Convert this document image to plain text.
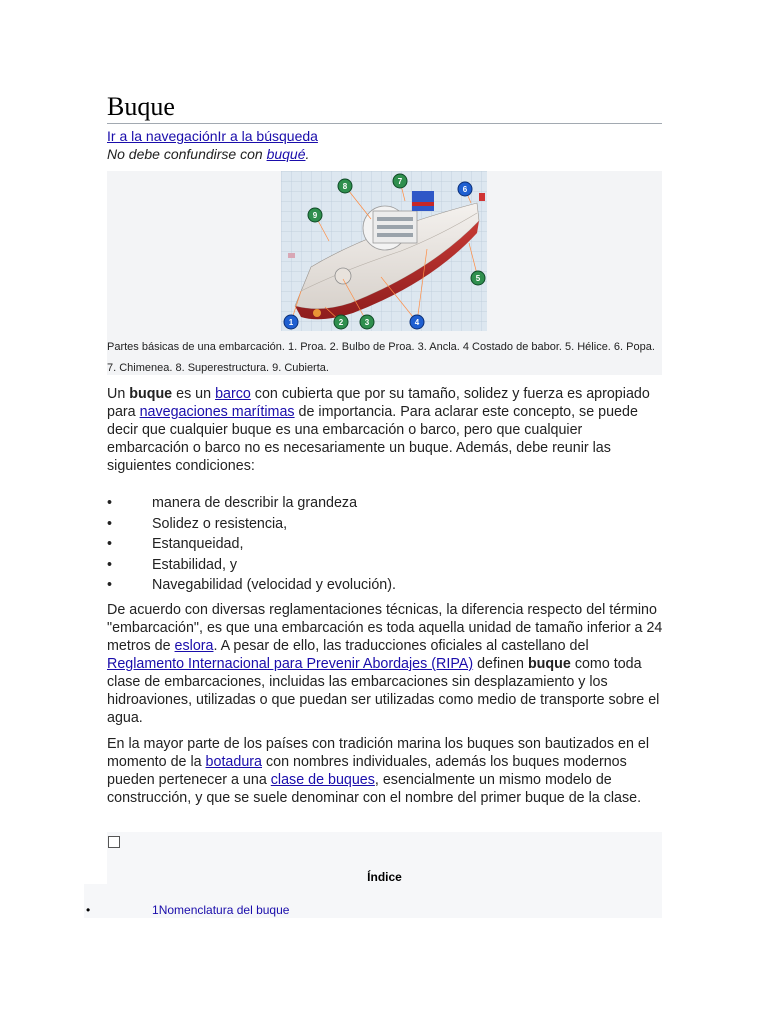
Buque
Ir a la navegaciónIr a la búsqueda
No debe confundirse con buqué.
1	2	3	4
5
6
7
8
9
Partes básicas de una embarcación. 1. Proa. 2. Bulbo de Proa. 3. Ancla. 4 Costado de babor. 5. Hélice. 6. Popa. 7. Chimenea. 8. Superestructura. 9. Cubierta.

Un buque es un barco con cubierta que por su tamaño, solidez y fuerza es apropiado para navegaciones marítimas de importancia. Para aclarar este concepto, se puede decir que cualquier buque es una embarcación o barco, pero que cualquier embarcación o barco no es necesariamente un buque. Además, debe reunir las siguientes condiciones:

•	manera de describir la grandeza
•	Solidez o resistencia,
•	Estanqueidad,
•	Estabilidad, y
•	Navegabilidad (velocidad y evolución).

De acuerdo con diversas reglamentaciones técnicas, la diferencia respecto del término "embarcación", es que una embarcación es toda aquella unidad de tamaño inferior a 24 metros de eslora. A pesar de ello, las traducciones oficiales al castellano del Reglamento Internacional para Prevenir Abordajes (RIPA) definen buque como toda clase de embarcaciones, incluidas las embarcaciones sin desplazamiento y los hidroaviones, utilizadas o que puedan ser utilizadas como medio de transporte sobre el agua.

En la mayor parte de los países con tradición marina los buques son bautizados en el momento de la botadura con nombres individuales, además los buques modernos pueden pertenecer a una clase de buques, esencialmente un mismo modelo de construcción, y que se suele denominar con el nombre del primer buque de la clase.

Índice
•	1Nomenclatura del buque
